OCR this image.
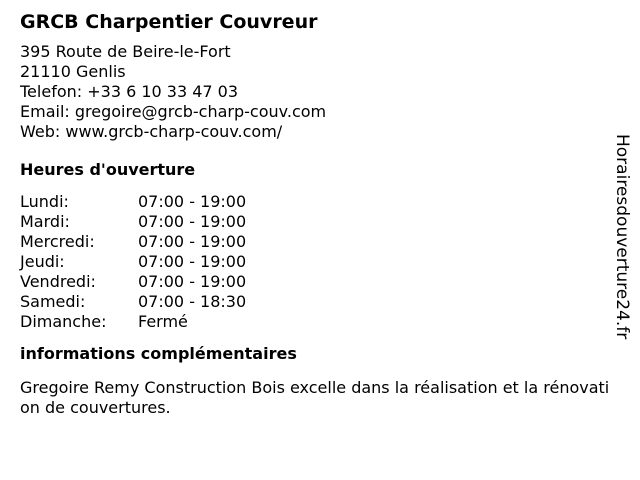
GRCB Charpentier Couvreur
395 Route de Beire-le-Fort
21110 Genlis
Telefon: +33 6 10 33 47 03
Email: gregoire@grcb-charp-couv.com
Web: www.grcb-charp-couv.com/
Heures d'ouverture
Lundi:	07:00 - 19:00
Mardi:	07:00 - 19:00
Mercredi:	07:00 - 19:00
Jeudi:	07:00 - 19:00
Vendredi:	07:00 - 19:00
Samedi:	07:00 - 18:30
Dimanche:	Fermé
informations complémentaires
Gregoire Remy Construction Bois excelle dans la réalisation et la rénovation de couvertures.
Horairesdouverture24.fr
